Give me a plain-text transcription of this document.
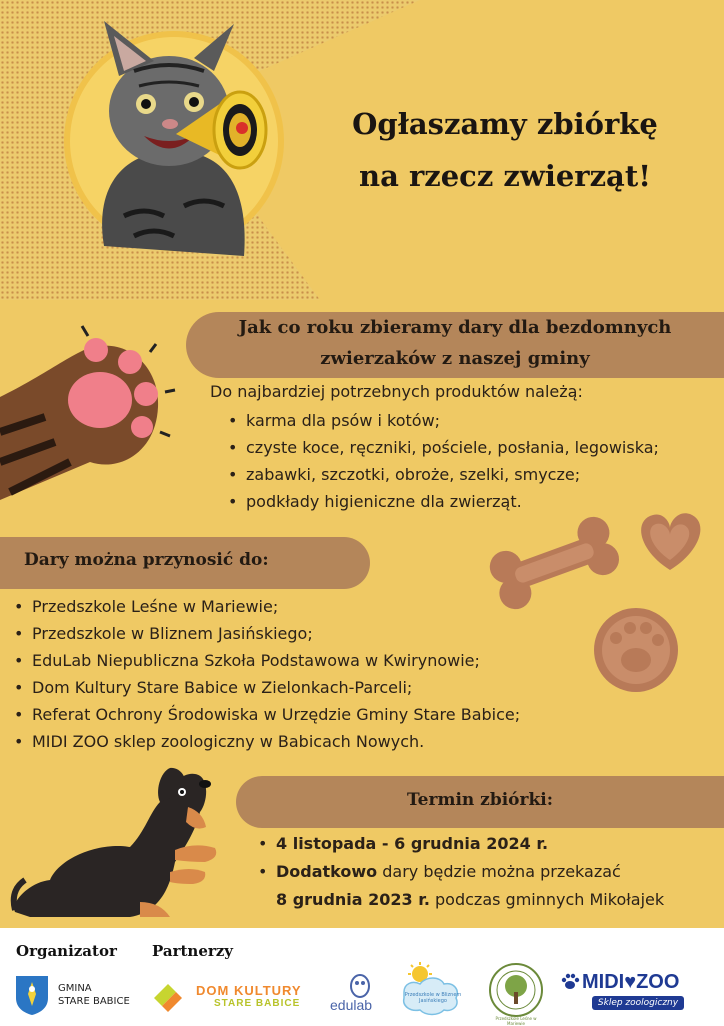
Ogłaszamy zbiórkę
na rzecz zwierząt!
Jak co roku zbieramy dary dla bezdomnych
zwierzaków z naszej gminy
Do najbardziej potrzebnych produktów należą:
• karma dla psów i kotów;
• czyste koce, ręczniki, pościele, posłania, legowiska;
• zabawki, szczotki, obroże, szelki, smycze;
• podkłady higieniczne dla zwierząt.
Dary można przynosić do:
• Przedszkole Leśne w Mariewie;
• Przedszkole w Bliznem Jasińskiego;
• EduLab Niepubliczna Szkoła Podstawowa w Kwirynowie;
• Dom Kultury Stare Babice w Zielonkach-Parceli;
• Referat Ochrony Środowiska w Urzędzie Gminy Stare Babice;
• MIDI ZOO sklep zoologiczny w Babicach Nowych.
Termin zbiórki:
• 4 listopada - 6 grudnia 2024 r.
• Dodatkowo dary będzie można przekazać
8 grudnia 2023 r. podczas gminnych Mikołajek
Organizator Partnerzy
GMINA
STARE BABICE
DOM KULTURY
STARE BABICE edulab
Przedszkole w Bliznem Jasińskiego
Przedszkole Leśne w Mariewie
MIDI♥ZOO
Sklep zoologiczny
